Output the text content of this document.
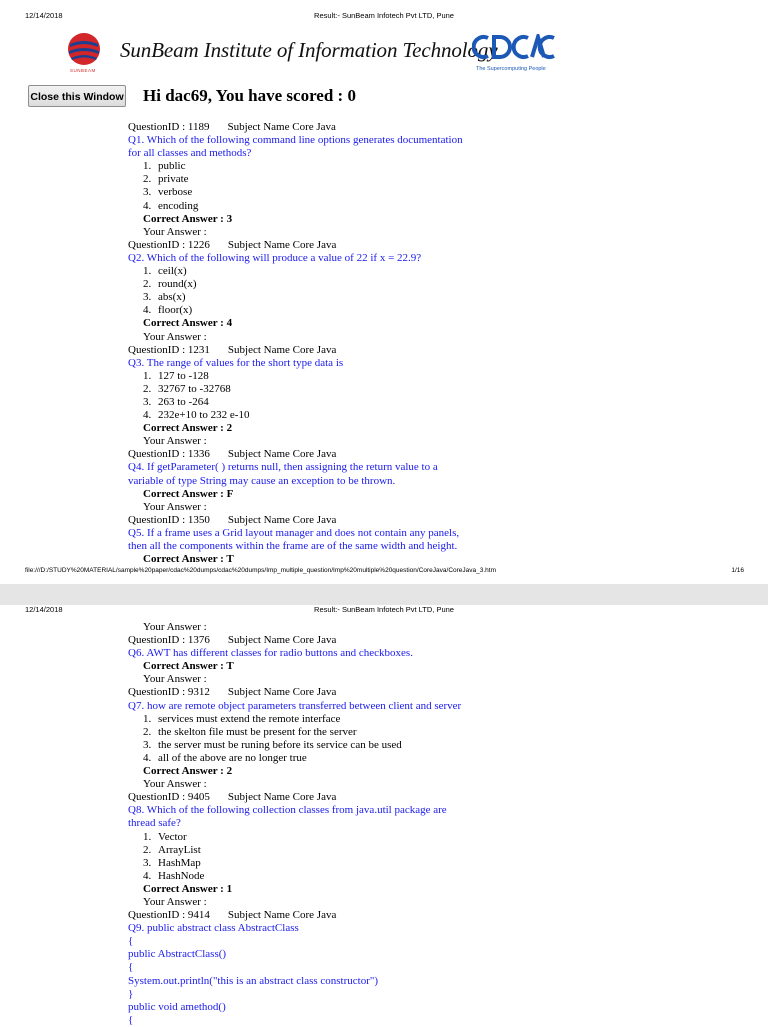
12/14/2018	Result:- SunBeam Infotech Pvt LTD, Pune
SUNBEAM
SunBeam Institute of Information Technology
The Supercomputing People
Close this Window Hi dac69, You have scored : 0
QuestionID : 1189 Subject Name Core Java
Q1. Which of the following command line options generates documentation
for all classes and methods?
1. public
2. private
3. verbose
4. encoding
Correct Answer : 3
Your Answer :
QuestionID : 1226 Subject Name Core Java
Q2. Which of the following will produce a value of 22 if x = 22.9?
1. ceil(x)
2. round(x)
3. abs(x)
4. floor(x)
Correct Answer : 4
Your Answer :
QuestionID : 1231 Subject Name Core Java
Q3. The range of values for the short type data is
1. 127 to -128
2. 32767 to -32768
3. 263 to -264
4. 232e+10 to 232 e-10
Correct Answer : 2
Your Answer :
QuestionID : 1336 Subject Name Core Java
Q4. If getParameter( ) returns null, then assigning the return value to a
variable of type String may cause an exception to be thrown.
Correct Answer : F
Your Answer :
QuestionID : 1350 Subject Name Core Java
Q5. If a frame uses a Grid layout manager and does not contain any panels,
then all the components within the frame are of the same width and height.
Correct Answer : T
file:///D:/STUDY%20MATERIAL/sample%20paper/cdac%20dumps/cdac%20dumps/Imp_multiple_question/Imp%20multiple%20question/CoreJava/CoreJava_3.htm	1/16
12/14/2018	Result:- SunBeam Infotech Pvt LTD, Pune
Your Answer :
QuestionID : 1376 Subject Name Core Java
Q6. AWT has different classes for radio buttons and checkboxes.
Correct Answer : T
Your Answer :
QuestionID : 9312 Subject Name Core Java
Q7. how are remote object parameters transferred between client and server
1. services must extend the remote interface
2. the skelton file must be present for the server
3. the server must be runing before its service can be used
4. all of the above are no longer true
Correct Answer : 2
Your Answer :
QuestionID : 9405 Subject Name Core Java
Q8. Which of the following collection classes from java.util package are
thread safe?
1. Vector
2. ArrayList
3. HashMap
4. HashNode
Correct Answer : 1
Your Answer :
QuestionID : 9414 Subject Name Core Java
Q9. public abstract class AbstractClass
{
public AbstractClass()
{
System.out.println("this is an abstract class constructor")
}
public void amethod()
{
